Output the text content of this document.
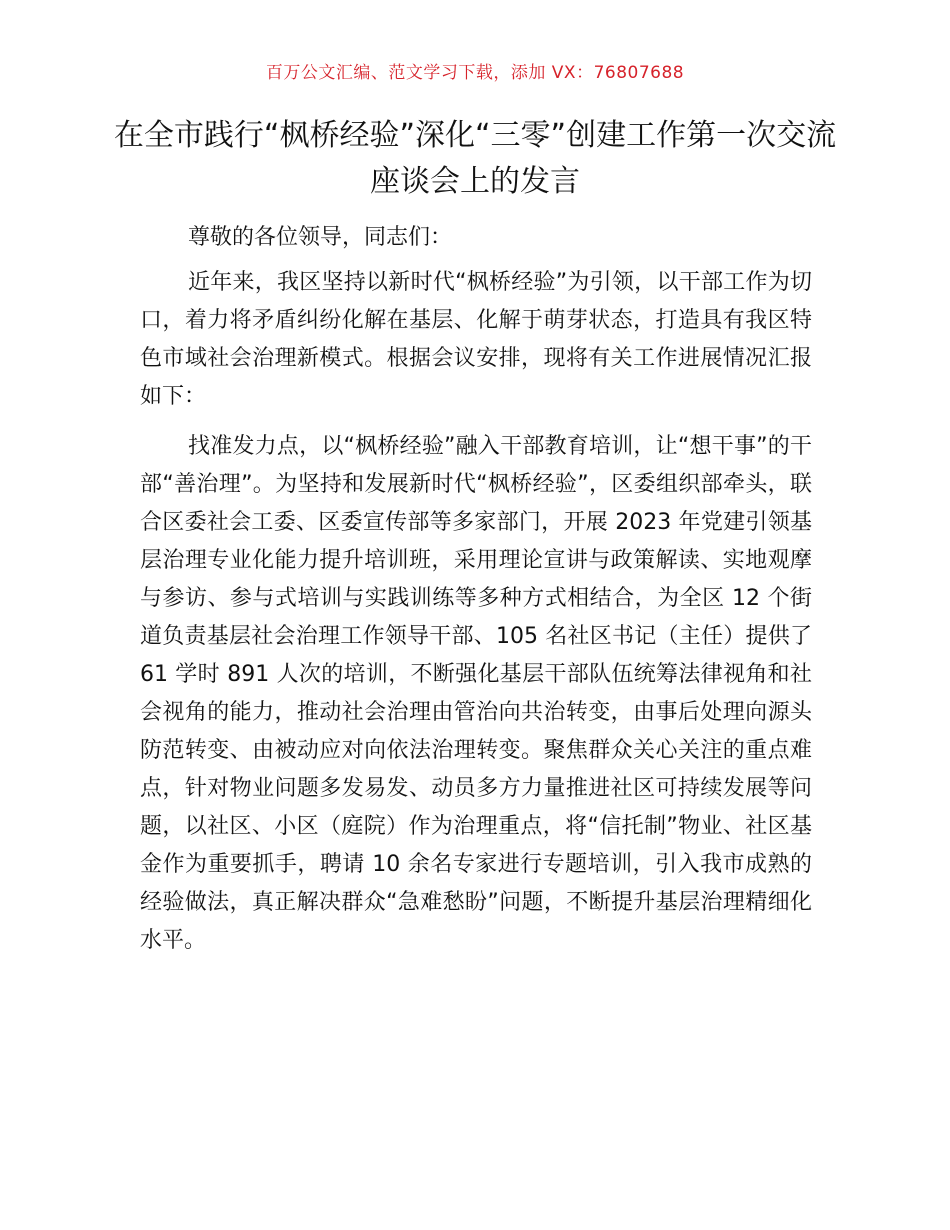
百万公文汇编、范文学习下载，添加 VX：76807688
在全市践行“枫桥经验”深化“三零”创建工作第一次交流座谈会上的发言

尊敬的各位领导，同志们：

近年来，我区坚持以新时代“枫桥经验”为引领，以干部工作为切口，着力将矛盾纠纷化解在基层、化解于萌芽状态，打造具有我区特色市域社会治理新模式。根据会议安排，现将有关工作进展情况汇报如下：

找准发力点，以“枫桥经验”融入干部教育培训，让“想干事”的干部“善治理”。为坚持和发展新时代“枫桥经验”，区委组织部牵头，联合区委社会工委、区委宣传部等多家部门，开展 2023 年党建引领基层治理专业化能力提升培训班，采用理论宣讲与政策解读、实地观摩与参访、参与式培训与实践训练等多种方式相结合，为全区 12 个街道负责基层社会治理工作领导干部、105 名社区书记（主任）提供了 61 学时 891 人次的培训，不断强化基层干部队伍统筹法律视角和社会视角的能力，推动社会治理由管治向共治转变，由事后处理向源头防范转变、由被动应对向依法治理转变。聚焦群众关心关注的重点难点，针对物业问题多发易发、动员多方力量推进社区可持续发展等问题，以社区、小区（庭院）作为治理重点，将“信托制”物业、社区基金作为重要抓手，聘请 10 余名专家进行专题培训，引入我市成熟的经验做法，真正解决群众“急难愁盼”问题，不断提升基层治理精细化水平。
